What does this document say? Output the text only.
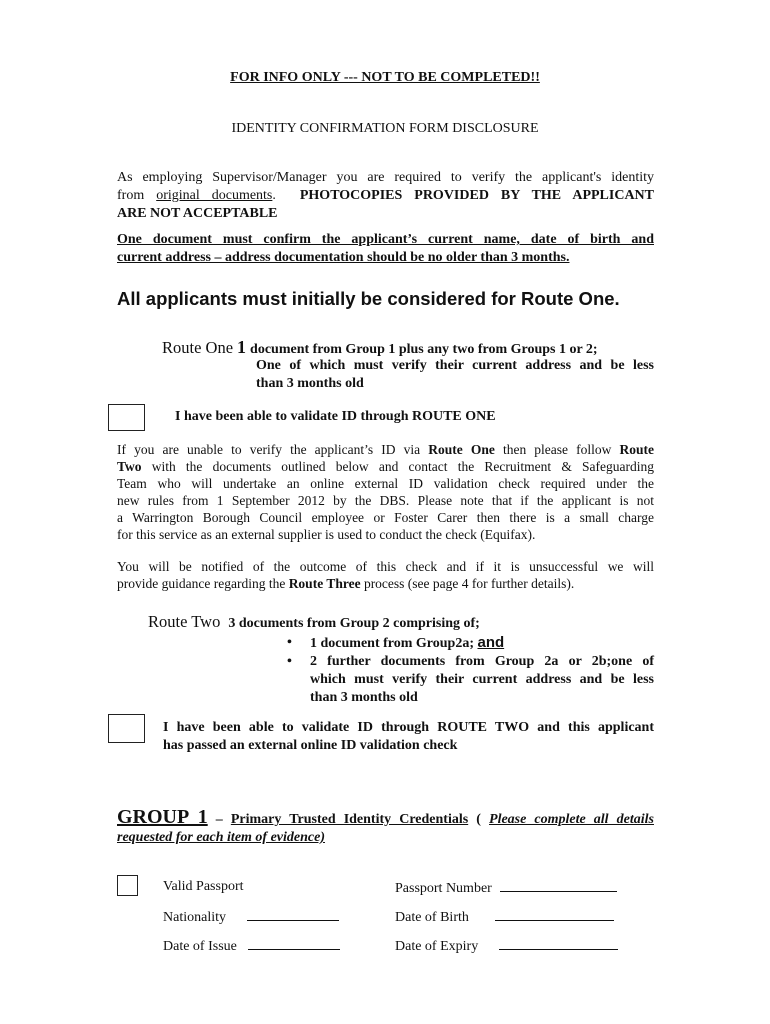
FOR INFO ONLY --- NOT TO BE COMPLETED!!
IDENTITY CONFIRMATION FORM DISCLOSURE
As employing Supervisor/Manager you are required to verify the applicant's identity
from original documents. PHOTOCOPIES PROVIDED BY THE APPLICANT
ARE NOT ACCEPTABLE
One document must confirm the applicant’s current name, date of birth and
current address – address documentation should be no older than 3 months.
All applicants must initially be considered for Route One.
Route One 1 document from Group 1 plus any two from Groups 1 or 2;
One of which must verify their current address and be less
than 3 months old
I have been able to validate ID through ROUTE ONE
If you are unable to verify the applicant’s ID via Route One then please follow Route
Two with the documents outlined below and contact the Recruitment & Safeguarding
Team who will undertake an online external ID validation check required under the
new rules from 1 September 2012 by the DBS. Please note that if the applicant is not
a Warrington Borough Council employee or Foster Carer then there is a small charge
for this service as an external supplier is used to conduct the check (Equifax).
You will be notified of the outcome of this check and if it is unsuccessful we will
provide guidance regarding the Route Three process (see page 4 for further details).
Route Two 3 documents from Group 2 comprising of;
• 1 document from Group2a; and
• 2 further documents from Group 2a or 2b;one of
which must verify their current address and be less
than 3 months old
I have been able to validate ID through ROUTE TWO and this applicant
has passed an external online ID validation check
GROUP 1 – Primary Trusted Identity Credentials ( Please complete all details
requested for each item of evidence)
Valid Passport	Passport Number
Nationality	Date of Birth
Date of Issue	Date of Expiry
